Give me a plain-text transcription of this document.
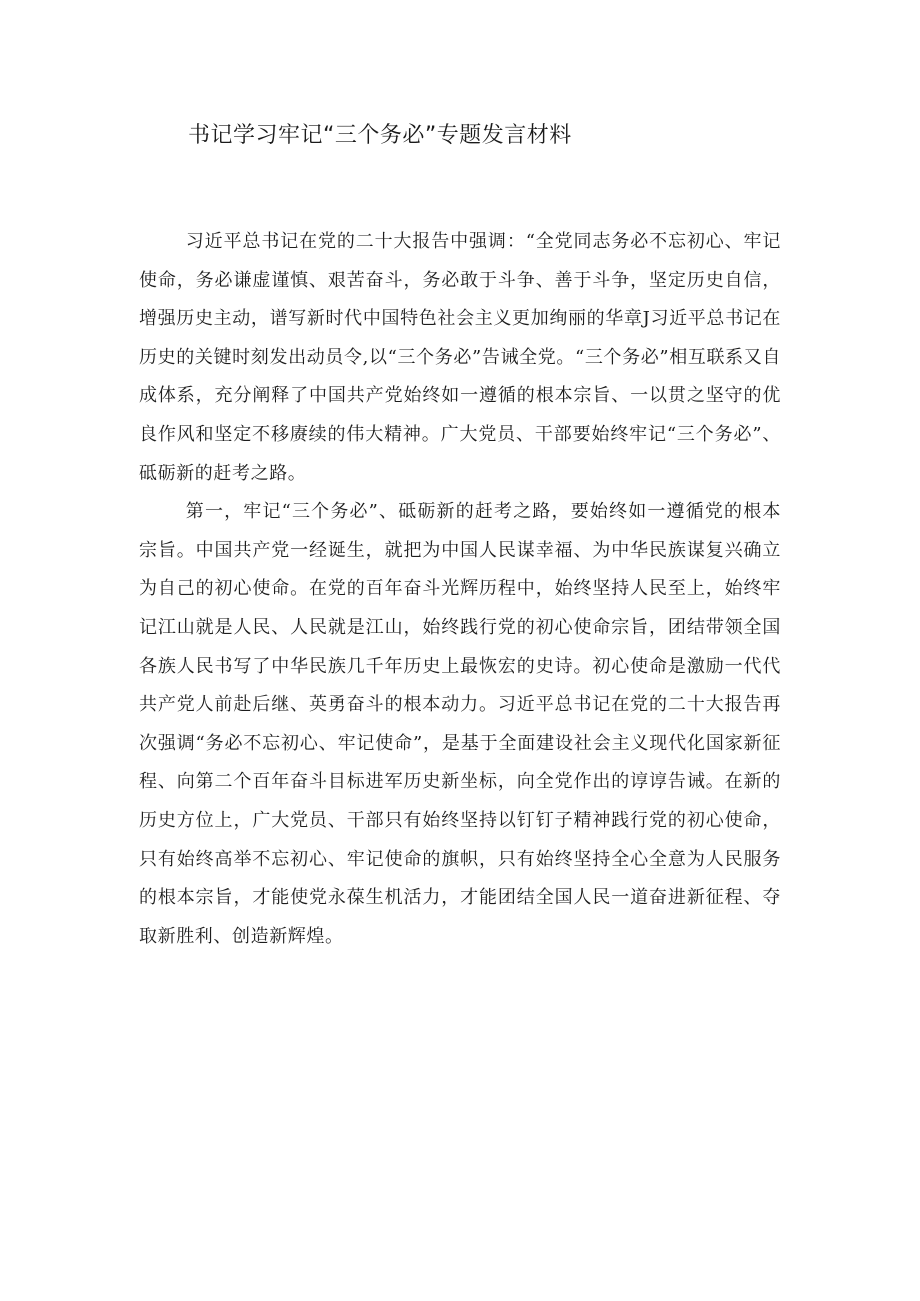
书记学习牢记“三个务必”专题发言材料

习近平总书记在党的二十大报告中强调：“全党同志务必不忘初心、牢记使命，务必谦虚谨慎、艰苦奋斗，务必敢于斗争、善于斗争，坚定历史自信，增强历史主动，谱写新时代中国特色社会主义更加绚丽的华章J习近平总书记在历史的关键时刻发出动员令,以“三个务必”告诫全党。“三个务必”相互联系又自成体系，充分阐释了中国共产党始终如一遵循的根本宗旨、一以贯之坚守的优良作风和坚定不移赓续的伟大精神。广大党员、干部要始终牢记“三个务必”、砥砺新的赶考之路。

第一，牢记“三个务必”、砥砺新的赶考之路，要始终如一遵循党的根本宗旨。中国共产党一经诞生，就把为中国人民谋幸福、为中华民族谋复兴确立为自己的初心使命。在党的百年奋斗光辉历程中，始终坚持人民至上，始终牢记江山就是人民、人民就是江山，始终践行党的初心使命宗旨，团结带领全国各族人民书写了中华民族几千年历史上最恢宏的史诗。初心使命是激励一代代共产党人前赴后继、英勇奋斗的根本动力。习近平总书记在党的二十大报告再次强调“务必不忘初心、牢记使命”，是基于全面建设社会主义现代化国家新征程、向第二个百年奋斗目标进军历史新坐标，向全党作出的谆谆告诫。在新的历史方位上，广大党员、干部只有始终坚持以钉钉子精神践行党的初心使命，只有始终高举不忘初心、牢记使命的旗帜，只有始终坚持全心全意为人民服务的根本宗旨，才能使党永葆生机活力，才能团结全国人民一道奋进新征程、夺取新胜利、创造新辉煌。
